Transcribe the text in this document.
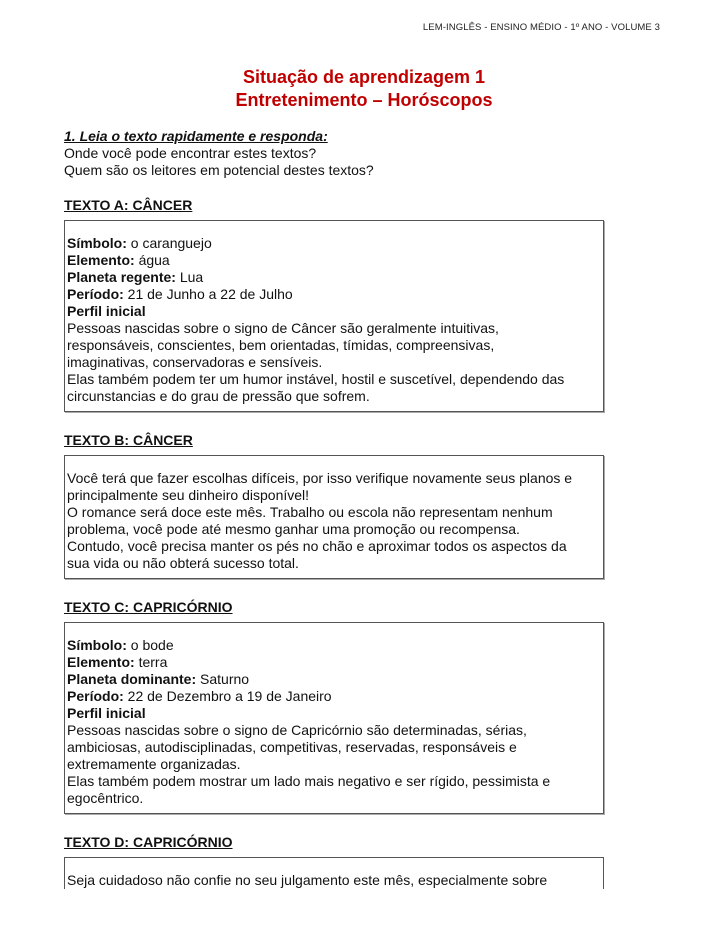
LEM-INGLÊS - ENSINO MÉDIO - 1º ANO - VOLUME 3
Situação de aprendizagem 1
Entretenimento – Horóscopos
1. Leia o texto rapidamente e responda:
Onde você pode encontrar estes textos?
Quem são os leitores em potencial destes textos?
TEXTO A: CÂNCER

Símbolo: o caranguejo

Elemento: água

Planeta regente: Lua

Período: 21 de Junho a 22 de Julho

Perfil inicial

Pessoas nascidas sobre o signo de Câncer são geralmente intuitivas,

responsáveis, conscientes, bem orientadas, tímidas, compreensivas,

imaginativas, conservadoras e sensíveis.

Elas também podem ter um humor instável, hostil e suscetível, dependendo das

circunstancias e do grau de pressão que sofrem.

TEXTO B: CÂNCER

Você terá que fazer escolhas difíceis, por isso verifique novamente seus planos e

principalmente seu dinheiro disponível!

O romance será doce este mês. Trabalho ou escola não representam nenhum

problema, você pode até mesmo ganhar uma promoção ou recompensa.

Contudo, você precisa manter os pés no chão e aproximar todos os aspectos da

sua vida ou não obterá sucesso total.

TEXTO C: CAPRICÓRNIO

Símbolo: o bode

Elemento: terra

Planeta dominante: Saturno

Período: 22 de Dezembro a 19 de Janeiro

Perfil inicial

Pessoas nascidas sobre o signo de Capricórnio são determinadas, sérias,

ambiciosas, autodisciplinadas, competitivas, reservadas, responsáveis e

extremamente organizadas.

Elas também podem mostrar um lado mais negativo e ser rígido, pessimista e

egocêntrico.

TEXTO D: CAPRICÓRNIO

Seja cuidadoso não confie no seu julgamento este mês, especialmente sobre
